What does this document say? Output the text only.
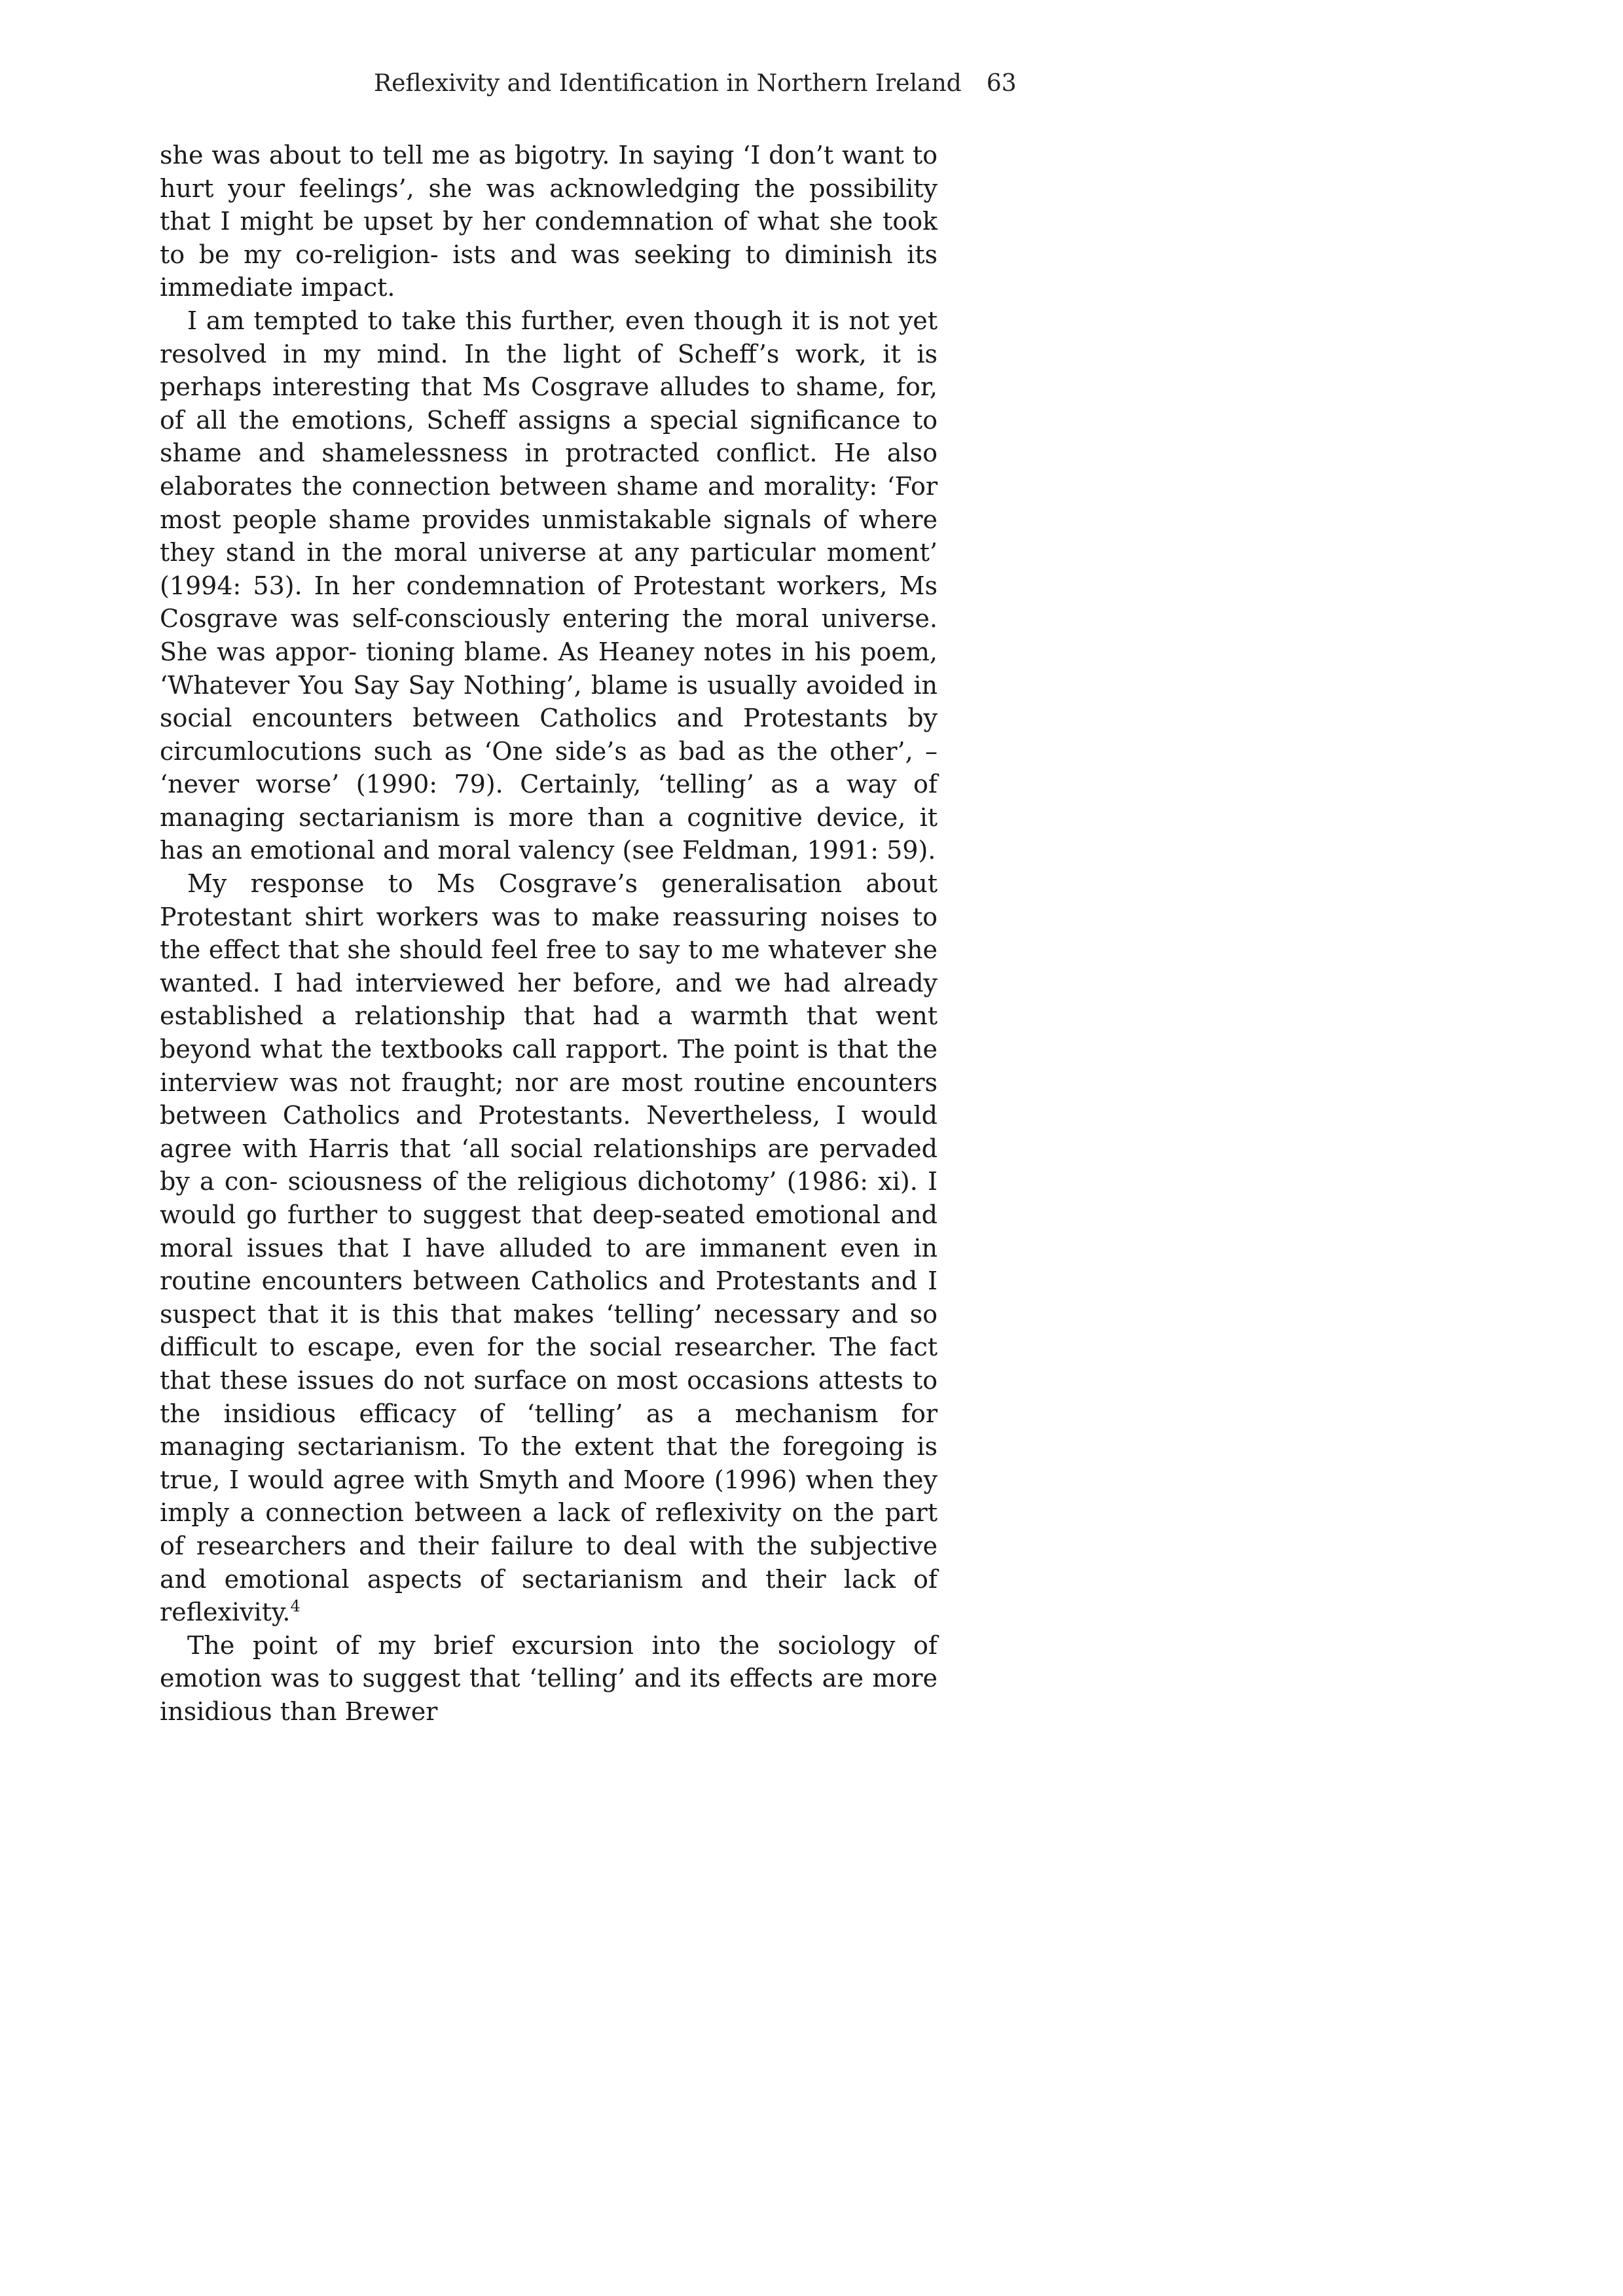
Reflexivity and Identification in Northern Ireland 63

she was about to tell me as bigotry. In saying ‘I don’t want to hurt your feelings’, she was acknowledging the possibility that I might be upset by her condemnation of what she took to be my co-religion- ists and was seeking to diminish its immediate impact.

I am tempted to take this further, even though it is not yet resolved in my mind. In the light of Scheff’s work, it is perhaps interesting that Ms Cosgrave alludes to shame, for, of all the emotions, Scheff assigns a special significance to shame and shamelessness in protracted conflict. He also elaborates the connection between shame and morality: ‘For most people shame provides unmistakable signals of where they stand in the moral universe at any particular moment’ (1994: 53). In her condemnation of Protestant workers, Ms Cosgrave was self-consciously entering the moral universe. She was appor- tioning blame. As Heaney notes in his poem, ‘Whatever You Say Say Nothing’, blame is usually avoided in social encounters between Catholics and Protestants by circumlocutions such as ‘One side’s as bad as the other’, – ‘never worse’ (1990: 79). Certainly, ‘telling’ as a way of managing sectarianism is more than a cognitive device, it has an emotional and moral valency (see Feldman, 1991: 59).

My response to Ms Cosgrave’s generalisation about Protestant shirt workers was to make reassuring noises to the effect that she should feel free to say to me whatever she wanted. I had interviewed her before, and we had already established a relationship that had a warmth that went beyond what the textbooks call rapport. The point is that the interview was not fraught; nor are most routine encounters between Catholics and Protestants. Nevertheless, I would agree with Harris that ‘all social relationships are pervaded by a con- sciousness of the religious dichotomy’ (1986: xi). I would go further to suggest that deep-seated emotional and moral issues that I have alluded to are immanent even in routine encounters between Catholics and Protestants and I suspect that it is this that makes ‘telling’ necessary and so difficult to escape, even for the social researcher. The fact that these issues do not surface on most occasions attests to the insidious efficacy of ‘telling’ as a mechanism for managing sectarianism. To the extent that the foregoing is true, I would agree with Smyth and Moore (1996) when they imply a connection between a lack of reflexivity on the part of researchers and their failure to deal with the subjective and emotional aspects of sectarianism and their lack of reflexivity.$^4$

The point of my brief excursion into the sociology of emotion was to suggest that ‘telling’ and its effects are more insidious than Brewer
